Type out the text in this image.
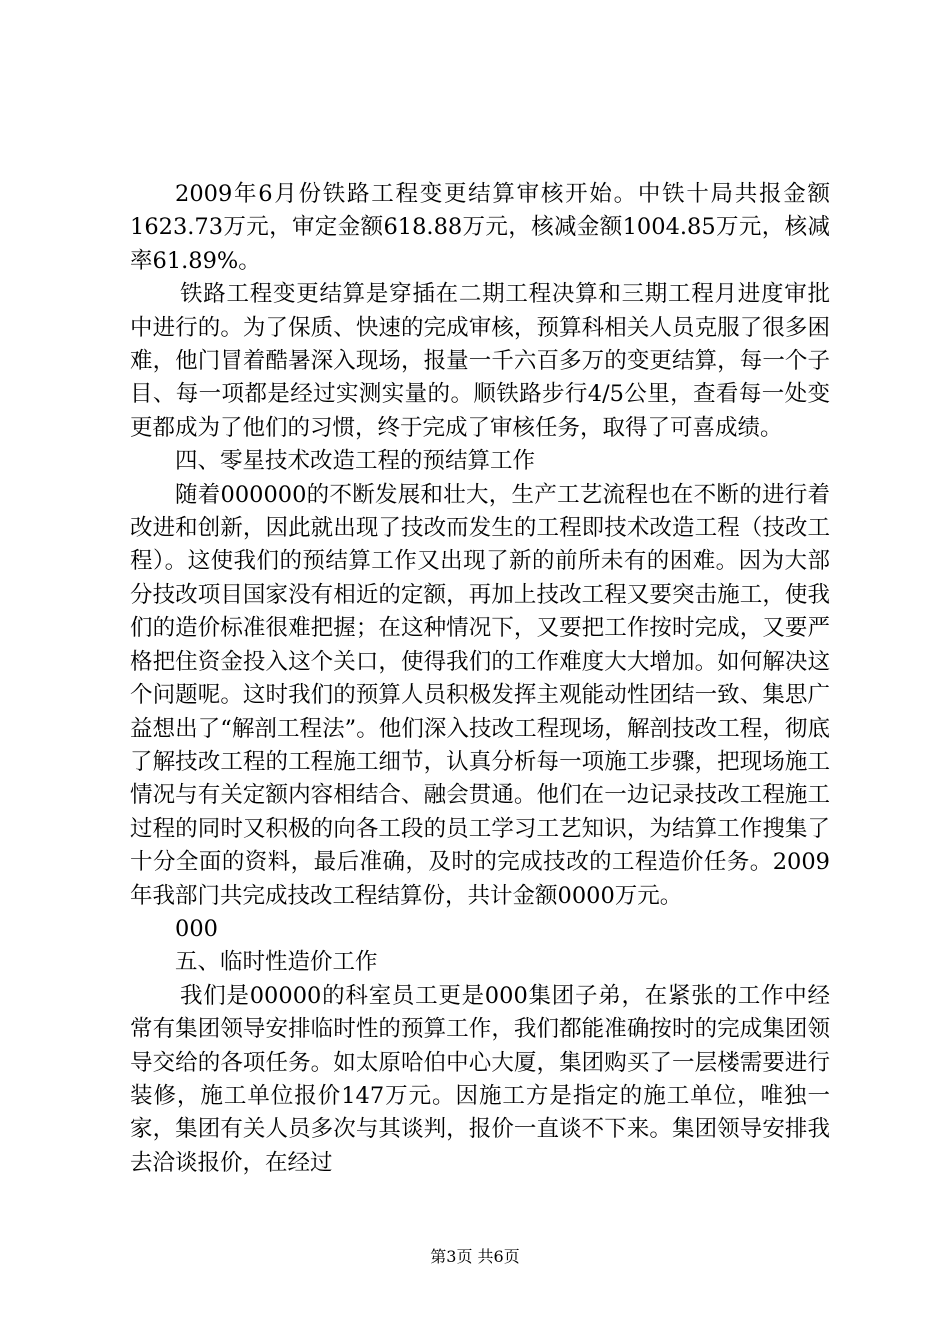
2009年6月份铁路工程变更结算审核开始。中铁十局共报金额1623.73万元，审定金额618.88万元，核减金额1004.85万元，核减率61.89%。

铁路工程变更结算是穿插在二期工程决算和三期工程月进度审批中进行的。为了保质、快速的完成审核，预算科相关人员克服了很多困难，他门冒着酷暑深入现场，报量一千六百多万的变更结算，每一个子目、每一项都是经过实测实量的。顺铁路步行4/5公里，查看每一处变更都成为了他们的习惯，终于完成了审核任务，取得了可喜成绩。

四、零星技术改造工程的预结算工作

随着000000的不断发展和壮大，生产工艺流程也在不断的进行着改进和创新，因此就出现了技改而发生的工程即技术改造工程（技改工程）。这使我们的预结算工作又出现了新的前所未有的困难。因为大部分技改项目国家没有相近的定额，再加上技改工程又要突击施工，使我们的造价标准很难把握；在这种情况下，又要把工作按时完成，又要严格把住资金投入这个关口，使得我们的工作难度大大增加。如何解决这个问题呢。这时我们的预算人员积极发挥主观能动性团结一致、集思广益想出了“解剖工程法”。他们深入技改工程现场，解剖技改工程，彻底了解技改工程的工程施工细节，认真分析每一项施工步骤，把现场施工情况与有关定额内容相结合、融会贯通。他们在一边记录技改工程施工过程的同时又积极的向各工段的员工学习工艺知识，为结算工作搜集了十分全面的资料，最后准确，及时的完成技改的工程造价任务。2009年我部门共完成技改工程结算份，共计金额0000万元。

000

五、临时性造价工作

我们是00000的科室员工更是000集团子弟，在紧张的工作中经常有集团领导安排临时性的预算工作，我们都能准确按时的完成集团领导交给的各项任务。如太原哈伯中心大厦，集团购买了一层楼需要进行装修，施工单位报价147万元。因施工方是指定的施工单位，唯独一家，集团有关人员多次与其谈判，报价一直谈不下来。集团领导安排我去洽谈报价，在经过

第3页 共6页
